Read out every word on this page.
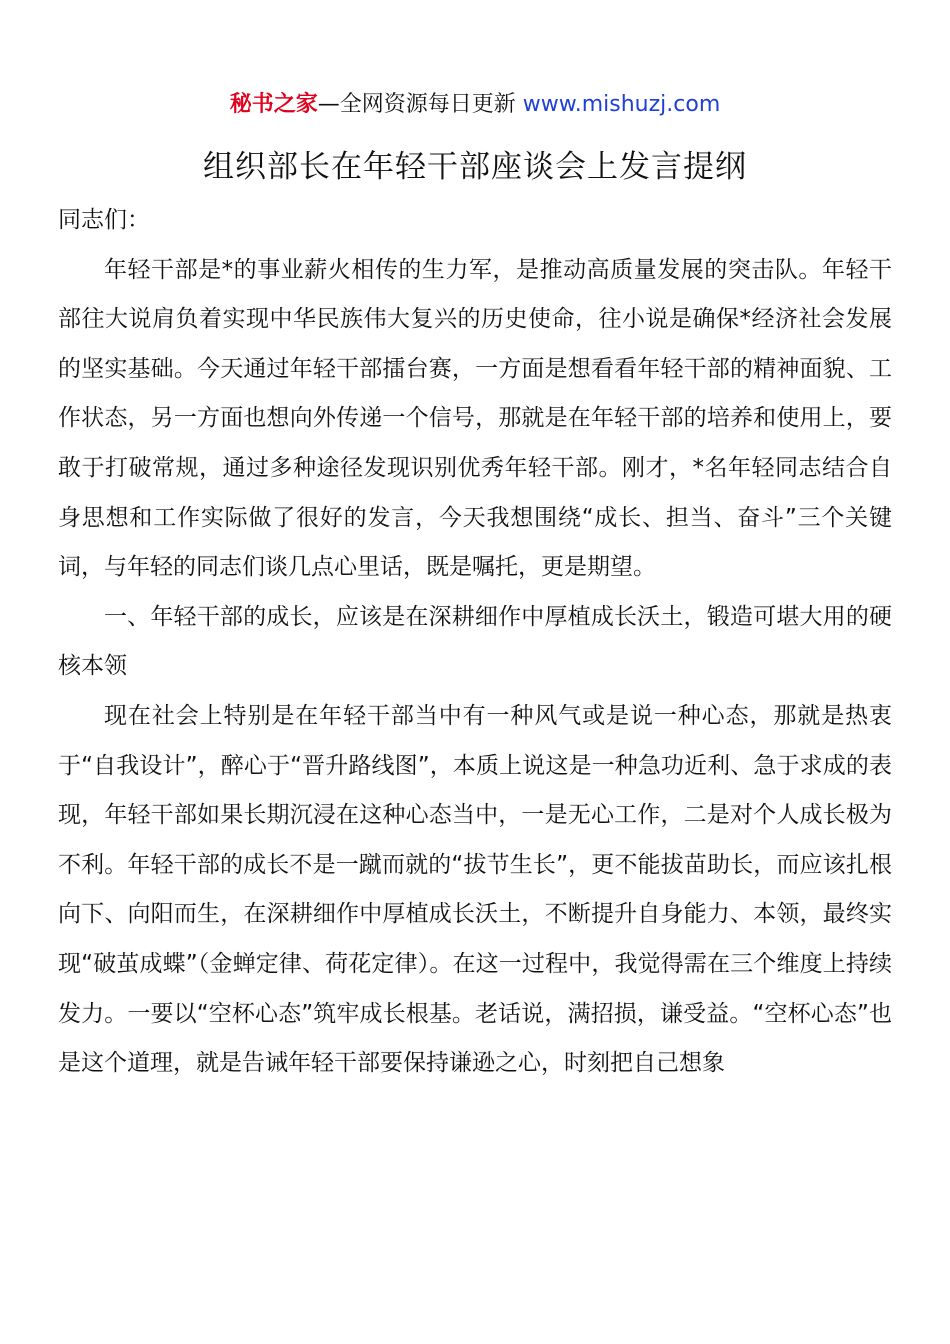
秘书之家—全网资源每日更新 www.mishuzj.com
组织部长在年轻干部座谈会上发言提纲

同志们：

年轻干部是*的事业薪火相传的生力军，是推动高质量发展的突击队。年轻干部往大说肩负着实现中华民族伟大复兴的历史使命，往小说是确保*经济社会发展的坚实基础。今天通过年轻干部擂台赛，一方面是想看看年轻干部的精神面貌、工作状态，另一方面也想向外传递一个信号，那就是在年轻干部的培养和使用上，要敢于打破常规，通过多种途径发现识别优秀年轻干部。刚才，*名年轻同志结合自身思想和工作实际做了很好的发言，今天我想围绕“成长、担当、奋斗”三个关键词，与年轻的同志们谈几点心里话，既是嘱托，更是期望。

一、年轻干部的成长，应该是在深耕细作中厚植成长沃土，锻造可堪大用的硬核本领

现在社会上特别是在年轻干部当中有一种风气或是说一种心态，那就是热衷于“自我设计”，醉心于“晋升路线图”，本质上说这是一种急功近利、急于求成的表现，年轻干部如果长期沉浸在这种心态当中，一是无心工作，二是对个人成长极为不利。年轻干部的成长不是一蹴而就的“拔节生长”，更不能拔苗助长，而应该扎根向下、向阳而生，在深耕细作中厚植成长沃土，不断提升自身能力、本领，最终实现“破茧成蝶”（金蝉定律、荷花定律）。在这一过程中，我觉得需在三个维度上持续发力。一要以“空杯心态”筑牢成长根基。老话说，满招损，谦受益。“空杯心态”也是这个道理，就是告诫年轻干部要保持谦逊之心，时刻把自己想象
